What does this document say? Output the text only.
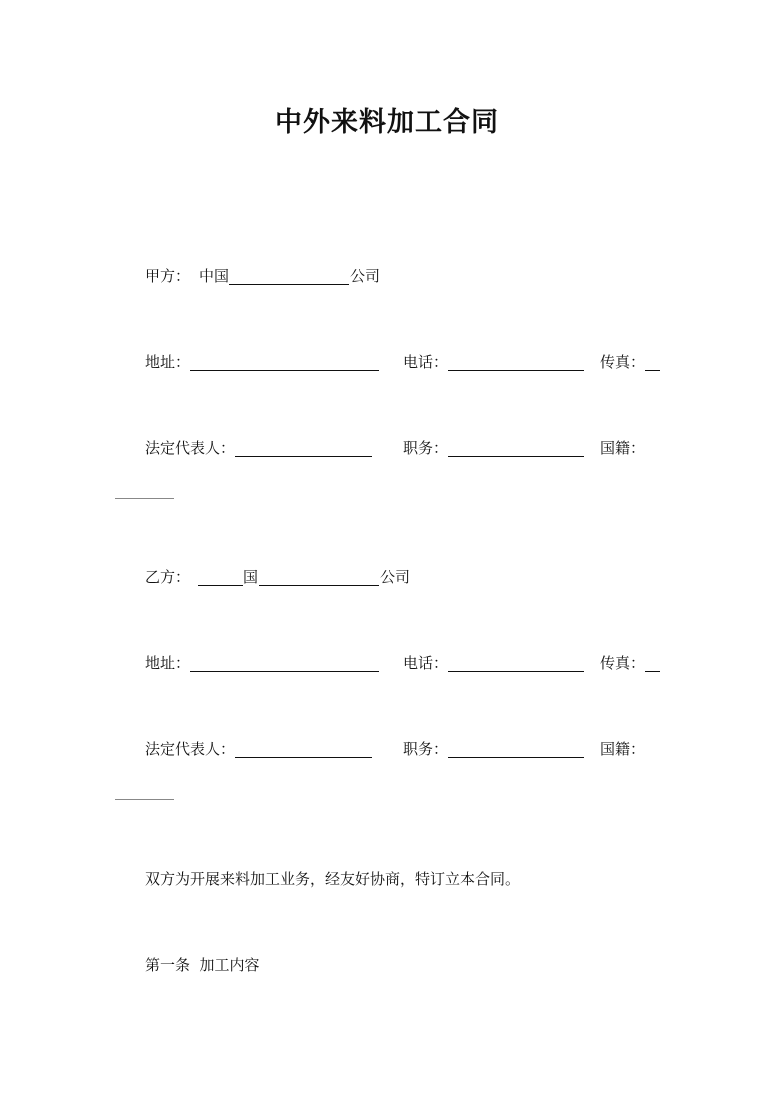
中外来料加工合同
甲方： 中国	公司
地址：	电话：	传真：
法定代表人：	职务：	国籍：
乙方：	国	公司
地址：	电话：	传真：
法定代表人：	职务：	国籍：
双方为开展来料加工业务，经友好协商，特订立本合同。
第一条  加工内容
